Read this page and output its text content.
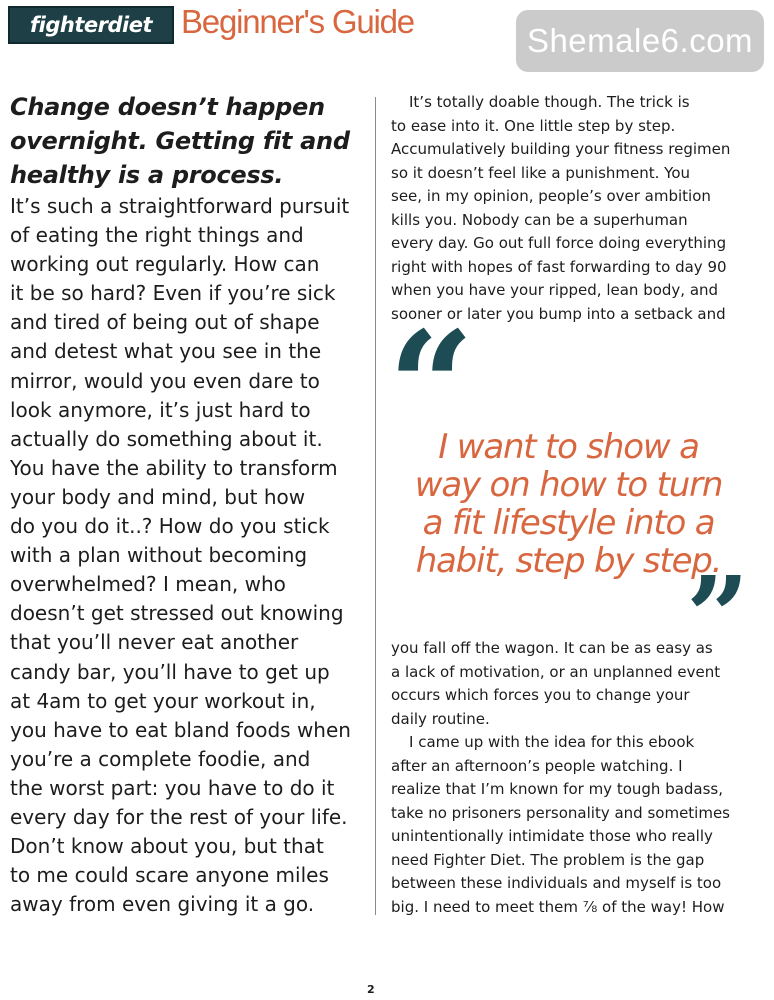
fighterdiet Beginner's Guide
Shemale6.com
Change doesn’t happen
overnight. Getting fit and
healthy is a process.
It’s such a straightforward pursuit
of eating the right things and
working out regularly. How can
it be so hard? Even if you’re sick
and tired of being out of shape
and detest what you see in the
mirror, would you even dare to
look anymore, it’s just hard to
actually do something about it.
You have the ability to transform
your body and mind, but how
do you do it..? How do you stick
with a plan without becoming
overwhelmed? I mean, who
doesn’t get stressed out knowing
that you’ll never eat another
candy bar, you’ll have to get up
at 4am to get your workout in,
you have to eat bland foods when
you’re a complete foodie, and
the worst part: you have to do it
every day for the rest of your life.
Don’t know about you, but that
to me could scare anyone miles
away from even giving it a go.
It’s totally doable though. The trick is
to ease into it. One little step by step.
Accumulatively building your fitness regimen
so it doesn’t feel like a punishment. You
see, in my opinion, people’s over ambition
kills you. Nobody can be a superhuman
every day. Go out full force doing everything
right with hopes of fast forwarding to day 90
when you have your ripped, lean body, and
sooner or later you bump into a setback and
“
I want to show a
way on how to turn
a fit lifestyle into a
habit, step by step.
”
you fall off the wagon. It can be as easy as
a lack of motivation, or an unplanned event
occurs which forces you to change your
daily routine.
I came up with the idea for this ebook
after an afternoon’s people watching. I
realize that I’m known for my tough badass,
take no prisoners personality and sometimes
unintentionally intimidate those who really
need Fighter Diet. The problem is the gap
between these individuals and myself is too
big. I need to meet them ⅞ of the way! How
2
